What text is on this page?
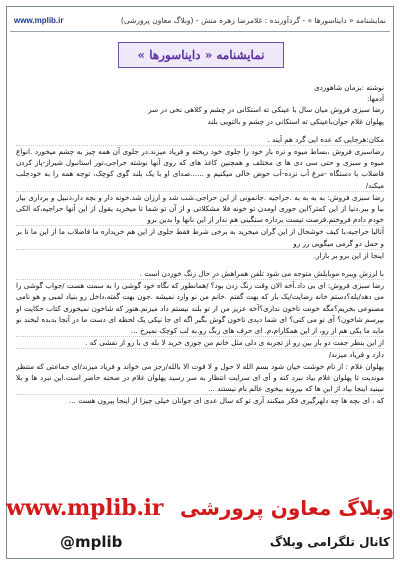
www.mplib.ir	نمایشنامه « دایناسورها » - گردآورنده : غلامرضا زهره منش - (وبلاگ معاون پرورشی)
نمایشنامه « دایناسورها »

نوشته :بزمان شاهوردی

آدمها:

رضا سبزی فروش میان سال با عینکی ته استکانی در چشم و کلاهی نخی در سر

پهلوان غلام جوان‌باعینکی ته استکانی در چشم و بالتویی بلند

مکان:هرجایی که عده ایی گرد هم آیند .

رضاسبزی فروش ،بساط میوه و تره بار خود را جلوی خود ریخته و فریاد میزند.در جلوی آن همه چیز به چشم میخورد .انواع میوه و سبزی و حتی سی دی ها ی مختلف و همچنین کاغذ های که روی آنها نوشته حراجی،تور استانبول شیراز-پاز کردن فاضلاب با دستگاه -مرغ آب نزده-آب حوض خالی میکنیم و ......صدای او با یک بلند گوی کوچک، توجه همه را به خودجلب میکند/

رضا سبزی فروش: به به به به .حراجیه .جانمونی از این حراجی.شب شد و ارزان شد.خونه دار و بچه دار،ذنبیل و برداری بیار بیا و ببر.دنیا از این کمتر؟این جوری اومدن تو خونه فلا مشکلاتی و از آن تو شما تا میخرید بقول از این آنها حراجیه،که الکی خودم دادم فروختم.فرصت نیست برداره سنگینی هم ندار از این نانها وا بدین برو

آتالیا حراجیه،با کیف خوشحال از این گران میخرید به برخی شرط فقط جلوی از این هم خریداره ما فاضلاب ما از این ما تا بر و حمل دو گرمی میگویی رز رو

اینجا از این برو بر بازار.

با لرزش ویبره موبایلش متوجه می شود تلفن همراهش در حال زنگ خوردن است .

رضا سبزی فروش: ای بی داد.آخه الان وقت زنگ زدن بود؟ /همانطور که نگاه خود گوشی را به سمت هست /جواب گوشی را می دهد/بله؟دستم خانه رضایت/یک بار که بهت گفتم .خانم من نو وارد نمیشه .جون بهت گفته،داخل رو بنیاد لمبی و هو نامی مصنوعی بخریم؟مگه خونت تاخون نداری؟آخه عزیز من از تو بلند نیستم داد میزنم.هنوز که شاخون نمیخوری کتاب حکایت او بپرسم شاخون؟ آی تو می کنی؟ ای شما دیدی تاخون گوش بگیر اگه ای جا نیکی یک لحظه ای دست ما در آنجا بدبده لبخند نو ماید ما یکی هم از رو، از این همکارام،م. ای حرف های زنگ رو.به لب کوچک نمیرخ ...

از این بنظر جفت دو بار بین رو از تجربه ی دلی مثل خانم من جوری خرید لا بله ی با رو از نفشی که .

دارد و فریاد میزند/

پهلوان غلام : از نام خوشت خیان شود بسم الله لا حول و لا قوت الا بالله/رجز می خواند و فریاد میزند/ای جماعتی که منتظر موندیت تا پهلوان غلام بیاد نبرد کنه و آی ای سرایت انتظار به سر رسید پهلوان غلام در صحنه حاضر است.این نبرد ها و بلا نبینید اینجا بیاد از این ها که بیرونه بیخوی عالم نام نیستند ...

که ، ای بچه ها چه دلهرگیری فکر میکنند آری تو که سال عدی ای جوانان خیلی چیزا از اینجا بیرون هست ...

www.mplib.ir وبلاگ معاون پرورشی
@mplib	کانال تلگرامی وبلاگ
